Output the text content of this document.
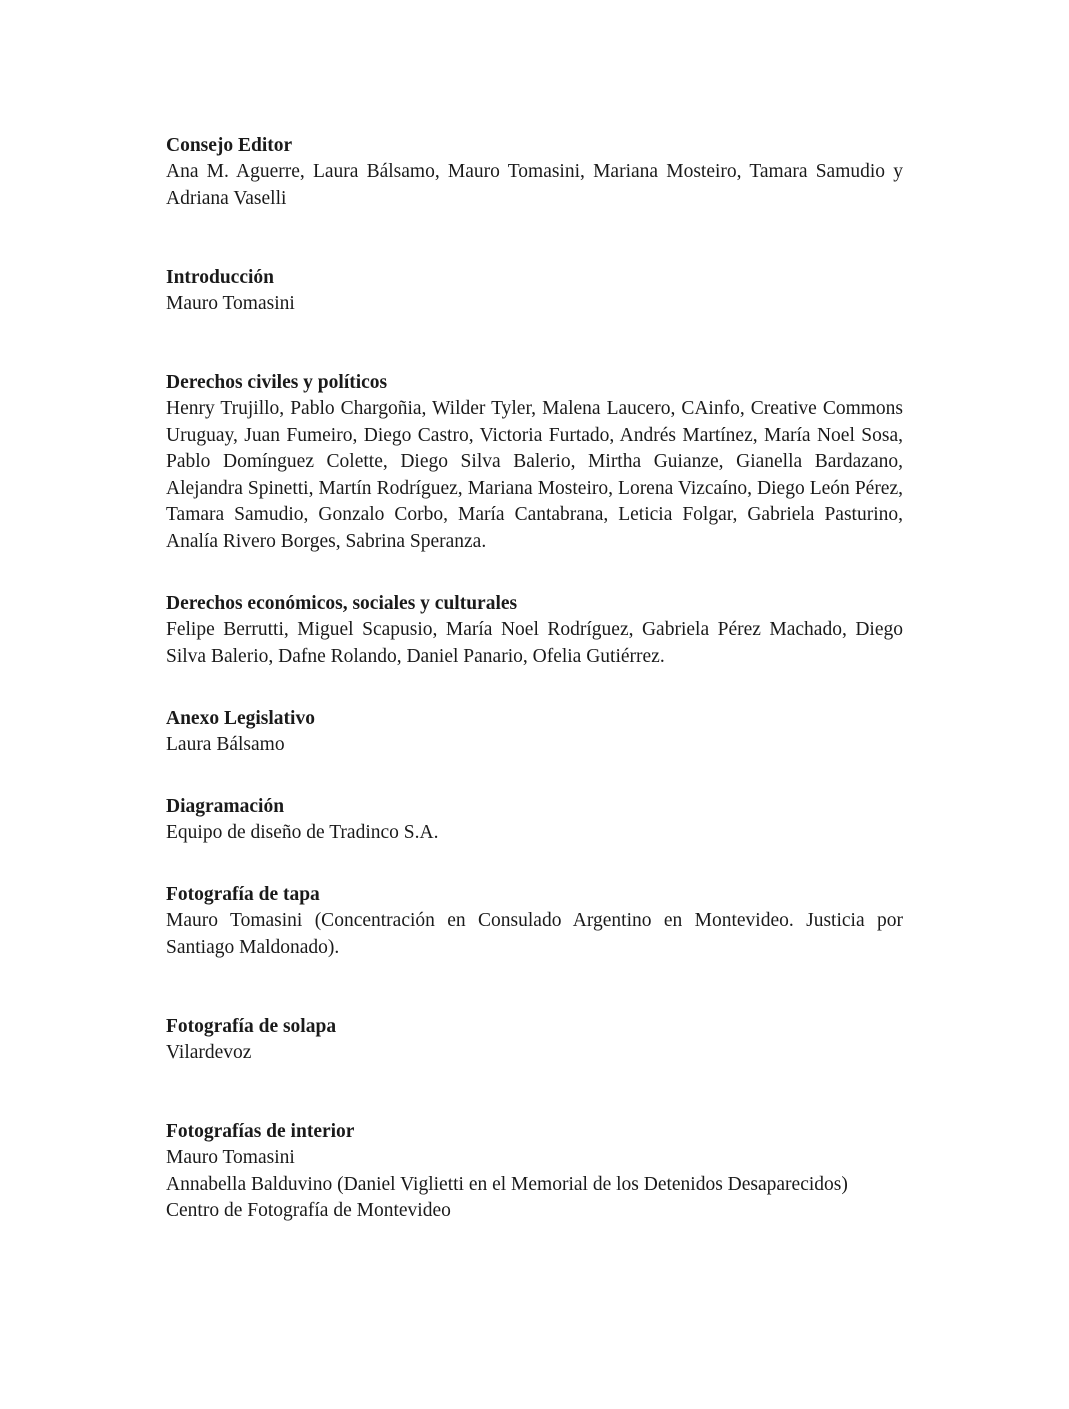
Consejo Editor

Ana M. Aguerre, Laura Bálsamo, Mauro Tomasini, Mariana Mosteiro, Tamara Samudio y Adriana Vaselli

Introducción

Mauro Tomasini

Derechos civiles y políticos

Henry Trujillo, Pablo Chargoñia, Wilder Tyler, Malena Laucero, CAinfo, Creative Commons Uruguay, Juan Fumeiro, Diego Castro, Victoria Furtado, Andrés Martínez, María Noel Sosa, Pablo Domínguez Colette, Diego Silva Balerio, Mirtha Guianze, Gianella Bardazano, Alejandra Spinetti, Martín Rodríguez, Mariana Mosteiro, Lorena Vizcaíno, Diego León Pérez, Tamara Samudio, Gonzalo Corbo, María Cantabrana, Leticia Folgar, Gabriela Pasturino, Analía Rivero Borges, Sabrina Speranza.

Derechos económicos, sociales y culturales

Felipe Berrutti, Miguel Scapusio, María Noel Rodríguez, Gabriela Pérez Machado, Diego Silva Balerio, Dafne Rolando, Daniel Panario, Ofelia Gutiérrez.

Anexo Legislativo

Laura Bálsamo

Diagramación

Equipo de diseño de Tradinco S.A.

Fotografía de tapa

Mauro Tomasini (Concentración en Consulado Argentino en Montevideo. Justicia por Santiago Maldonado).

Fotografía de solapa

Vilardevoz

Fotografías de interior

Mauro Tomasini
Annabella Balduvino (Daniel Viglietti en el Memorial de los Detenidos Desaparecidos)
Centro de Fotografía de Montevideo
